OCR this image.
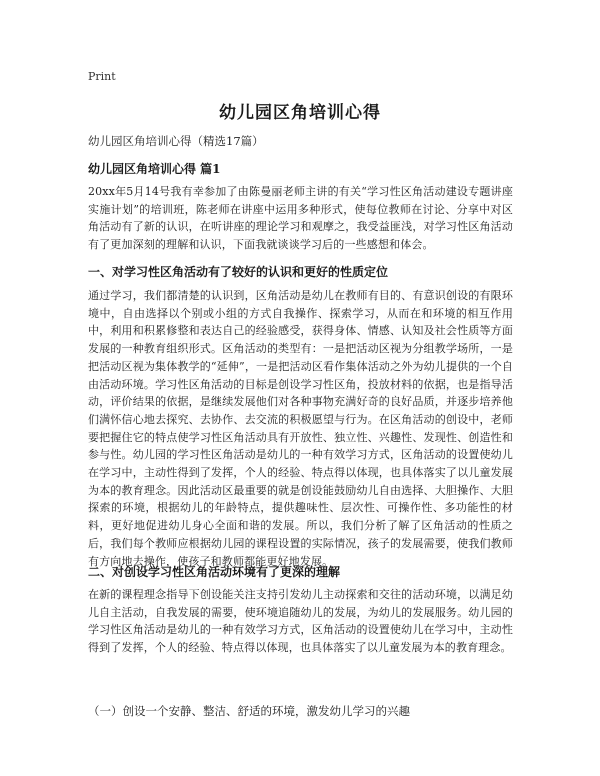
Print
幼儿园区角培训心得
幼儿园区角培训心得（精选17篇）
幼儿园区角培训心得 篇1
20xx年5月14号我有幸参加了由陈曼丽老师主讲的有关“学习性区角活动建设专题讲座实施计划”的培训班，陈老师在讲座中运用多种形式，使每位教师在讨论、分享中对区角活动有了新的认识，在听讲座的理论学习和观摩之，我受益匪浅，对学习性区角活动有了更加深刻的理解和认识，下面我就谈谈学习后的一些感想和体会。
一、对学习性区角活动有了较好的认识和更好的性质定位
通过学习，我们都清楚的认识到，区角活动是幼儿在教师有目的、有意识创设的有限环境中，自由选择以个别或小组的方式自我操作、探索学习，从而在和环境的相互作用中，利用和积累修整和表达自己的经验感受，获得身体、情感、认知及社会性质等方面发展的一种教育组织形式。区角活动的类型有：一是把活动区视为分组教学场所，一是把活动区视为集体教学的“延伸”，一是把活动区看作集体活动之外为幼儿提供的一个自由活动环境。学习性区角活动的目标是创设学习性区角，投放材料的依据，也是指导活动，评价结果的依据，是继续发展他们对各种事物充满好奇的良好品质，并逐步培养他们满怀信心地去探究、去协作、去交流的积极愿望与行为。在区角活动的创设中，老师要把握住它的特点使学习性区角活动具有开放性、独立性、兴趣性、发现性、创造性和参与性。幼儿园的学习性区角活动是幼儿的一种有效学习方式，区角活动的设置使幼儿在学习中，主动性得到了发挥，个人的经验、特点得以体现，也具体落实了以儿童发展为本的教育理念。因此活动区最重要的就是创设能鼓励幼儿自由选择、大胆操作、大胆探索的环境，根据幼儿的年龄特点，提供趣味性、层次性、可操作性、多功能性的材料，更好地促进幼儿身心全面和谐的发展。所以，我们分析了解了区角活动的性质之后，我们每个教师应根据幼儿园的课程设置的实际情况，孩子的发展需要，使我们教师有方向地去操作，使孩子和教师都能更好地发展。
二、对创设学习性区角活动环境有了更深的理解
在新的课程理念指导下创设能关注支持引发幼儿主动探索和交往的活动环境，以满足幼儿自主活动，自我发展的需要，使环境追随幼儿的发展，为幼儿的发展服务。幼儿园的学习性区角活动是幼儿的一种有效学习方式，区角活动的设置使幼儿在学习中，主动性得到了发挥，个人的经验、特点得以体现，也具体落实了以儿童发展为本的教育理念。
（一）创设一个安静、整洁、舒适的环境，激发幼儿学习的兴趣
